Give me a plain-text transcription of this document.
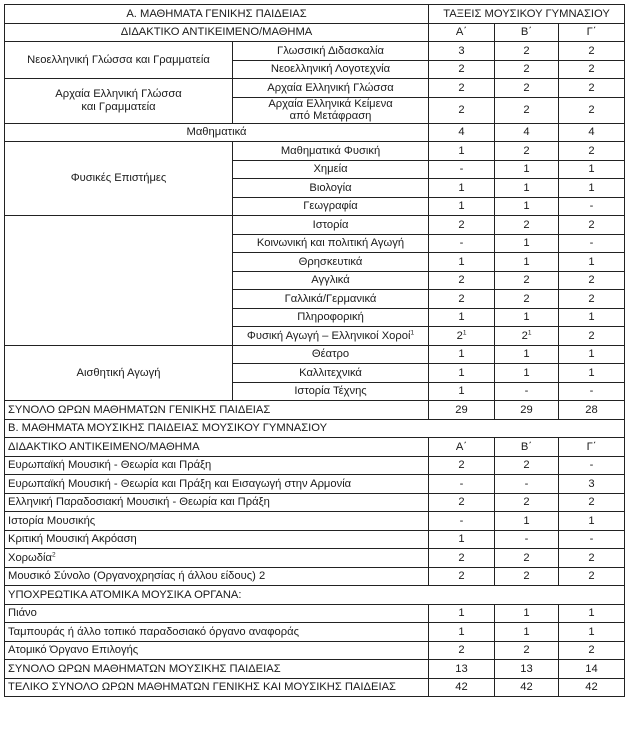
Α. ΜΑΘΗΜΑΤΑ ΓΕΝΙΚΗΣ ΠΑΙΔΕΙΑΣ		ΤΑΞΕΙΣ ΜΟΥΣΙΚΟΥ ΓΥΜΝΑΣΙΟΥ		
ΔΙΔΑΚΤΙΚΟ ΑΝΤΙΚΕΙΜΕΝΟ/ΜΑΘΗΜΑ		Α΄	Β΄	Γ΄
Νεοελληνική Γλώσσα και Γραμματεία	Γλωσσική Διδασκαλία	3	2	2
	Νεοελληνική Λογοτεχνία	2	2	2
Αρχαία Ελληνική Γλώσσα
και Γραμματεία	Αρχαία Ελληνική Γλώσσα	2	2	2
	Αρχαία Ελληνικά Κείμενα
από Μετάφραση	2	2	2
Μαθηματικά		4	4	4
Φυσικές Επιστήμες	Μαθηματικά Φυσική	1	2	2
	Χημεία	-	1	1
	Βιολογία	1	1	1
	Γεωγραφία	1	1	-
	Ιστορία	2	2	2
	Κοινωνική και πολιτική Αγωγή	-	1	-
	Θρησκευτικά	1	1	1
	Αγγλικά	2	2	2
	Γαλλικά/Γερμανικά	2	2	2
	Πληροφορική	1	1	1
	Φυσική Αγωγή – Ελληνικοί Χοροί$^1$	$2^1$	$2^1$	2
Αισθητική Αγωγή	Θέατρο	1	1	1
	Καλλιτεχνικά	1	1	1
	Ιστορία Τέχνης	1	-	-
ΣΥΝΟΛΟ ΩΡΩΝ ΜΑΘΗΜΑΤΩΝ ΓΕΝΙΚΗΣ ΠΑΙΔΕΙΑΣ		29	29	28
Β. ΜΑΘΗΜΑΤΑ ΜΟΥΣΙΚΗΣ ΠΑΙΔΕΙΑΣ ΜΟΥΣΙΚΟΥ ΓΥΜΝΑΣΙΟΥ				
ΔΙΔΑΚΤΙΚΟ ΑΝΤΙΚΕΙΜΕΝΟ/ΜΑΘΗΜΑ		Α΄	Β΄	Γ΄
Ευρωπαϊκή Μουσική - Θεωρία και Πράξη		2	2	-
Ευρωπαϊκή Μουσική - Θεωρία και Πράξη και Εισαγωγή στην Αρμονία		-	-	3
Ελληνική Παραδοσιακή Μουσική - Θεωρία και Πράξη		2	2	2
Ιστορία Μουσικής		-	1	1
Κριτική Μουσική Ακρόαση		1	-	-
Χορωδία$^2$		2	2	2
Μουσικό Σύνολο (Οργανοχρησίας ή άλλου είδους) 2		2	2	2
ΥΠΟΧΡΕΩΤΙΚΑ ΑΤΟΜΙΚΑ ΜΟΥΣΙΚΑ ΟΡΓΑΝΑ:				
Πιάνο		1	1	1
Ταμπουράς ή άλλο τοπικό παραδοσιακό όργανο αναφοράς		1	1	1
Ατομικό Όργανο Επιλογής		2	2	2
ΣΥΝΟΛΟ ΩΡΩΝ ΜΑΘΗΜΑΤΩΝ ΜΟΥΣΙΚΗΣ ΠΑΙΔΕΙΑΣ		13	13	14
ΤΕΛΙΚΟ ΣΥΝΟΛΟ ΩΡΩΝ ΜΑΘΗΜΑΤΩΝ ΓΕΝΙΚΗΣ ΚΑΙ ΜΟΥΣΙΚΗΣ ΠΑΙΔΕΙΑΣ		42	42	42
